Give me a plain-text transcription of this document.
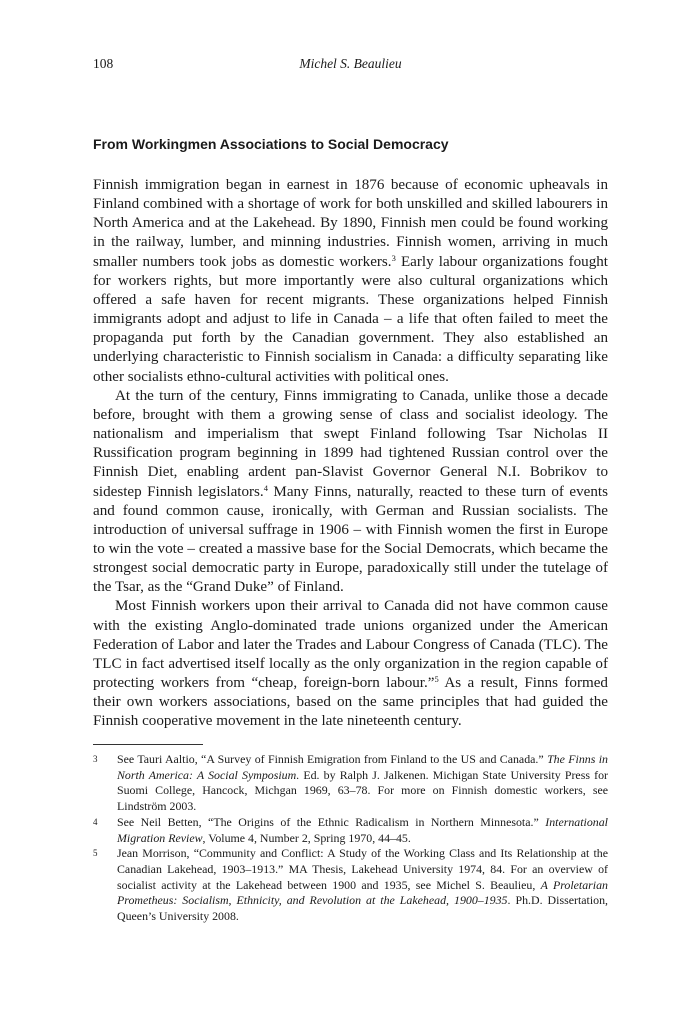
108	Michel S. Beaulieu
From Workingmen Associations to Social Democracy

Finnish immigration began in earnest in 1876 because of economic upheavals in Finland combined with a shortage of work for both unskilled and skilled labourers in North America and at the Lakehead. By 1890, Finnish men could be found working in the railway, lumber, and minning industries. Finnish women, arriving in much smaller numbers took jobs as domestic workers.$^3$ Early labour organizations fought for workers rights, but more importantly were also cultural organizations which offered a safe haven for recent migrants. These organizations helped Finnish immigrants adopt and adjust to life in Canada – a life that often failed to meet the propaganda put forth by the Canadian government. They also established an underlying characteristic to Finnish socialism in Canada: a difficulty separating like other socialists ethno-cultural activities with political ones.

At the turn of the century, Finns immigrating to Canada, unlike those a decade before, brought with them a growing sense of class and socialist ideology. The nationalism and imperialism that swept Finland following Tsar Nicholas II Russification program beginning in 1899 had tightened Russian control over the Finnish Diet, enabling ardent pan-Slavist Governor General N.I. Bobrikov to sidestep Finnish legislators.$^4$ Many Finns, naturally, reacted to these turn of events and found common cause, ironically, with German and Russian socialists. The introduction of universal suffrage in 1906 – with Finnish women the first in Europe to win the vote – created a massive base for the Social Democrats, which became the strongest social democratic party in Europe, paradoxically still under the tutelage of the Tsar, as the “Grand Duke” of Finland.

Most Finnish workers upon their arrival to Canada did not have common cause with the existing Anglo-dominated trade unions organized under the American Federation of Labor and later the Trades and Labour Congress of Canada (TLC). The TLC in fact advertised itself locally as the only organization in the region capable of protecting workers from “cheap, foreign-born labour.”$^5$ As a result, Finns formed their own workers associations, based on the same principles that had guided the Finnish cooperative movement in the late nineteenth century.

3 See Tauri Aaltio, “A Survey of Finnish Emigration from Finland to the US and Canada.” The Finns in North America: A Social Symposium. Ed. by Ralph J. Jalkenen. Michigan State University Press for Suomi College, Hancock, Michgan 1969, 63–78. For more on Finnish domestic workers, see Lindström 2003.
4 See Neil Betten, “The Origins of the Ethnic Radicalism in Northern Minnesota.” International Migration Review, Volume 4, Number 2, Spring 1970, 44–45.
5 Jean Morrison, “Community and Conflict: A Study of the Working Class and Its Relationship at the Canadian Lakehead, 1903–1913.” MA Thesis, Lakehead University 1974, 84. For an overview of socialist activity at the Lakehead between 1900 and 1935, see Michel S. Beaulieu, A Proletarian Prometheus: Socialism, Ethnicity, and Revolution at the Lakehead, 1900–1935. Ph.D. Dissertation, Queen’s University 2008.
